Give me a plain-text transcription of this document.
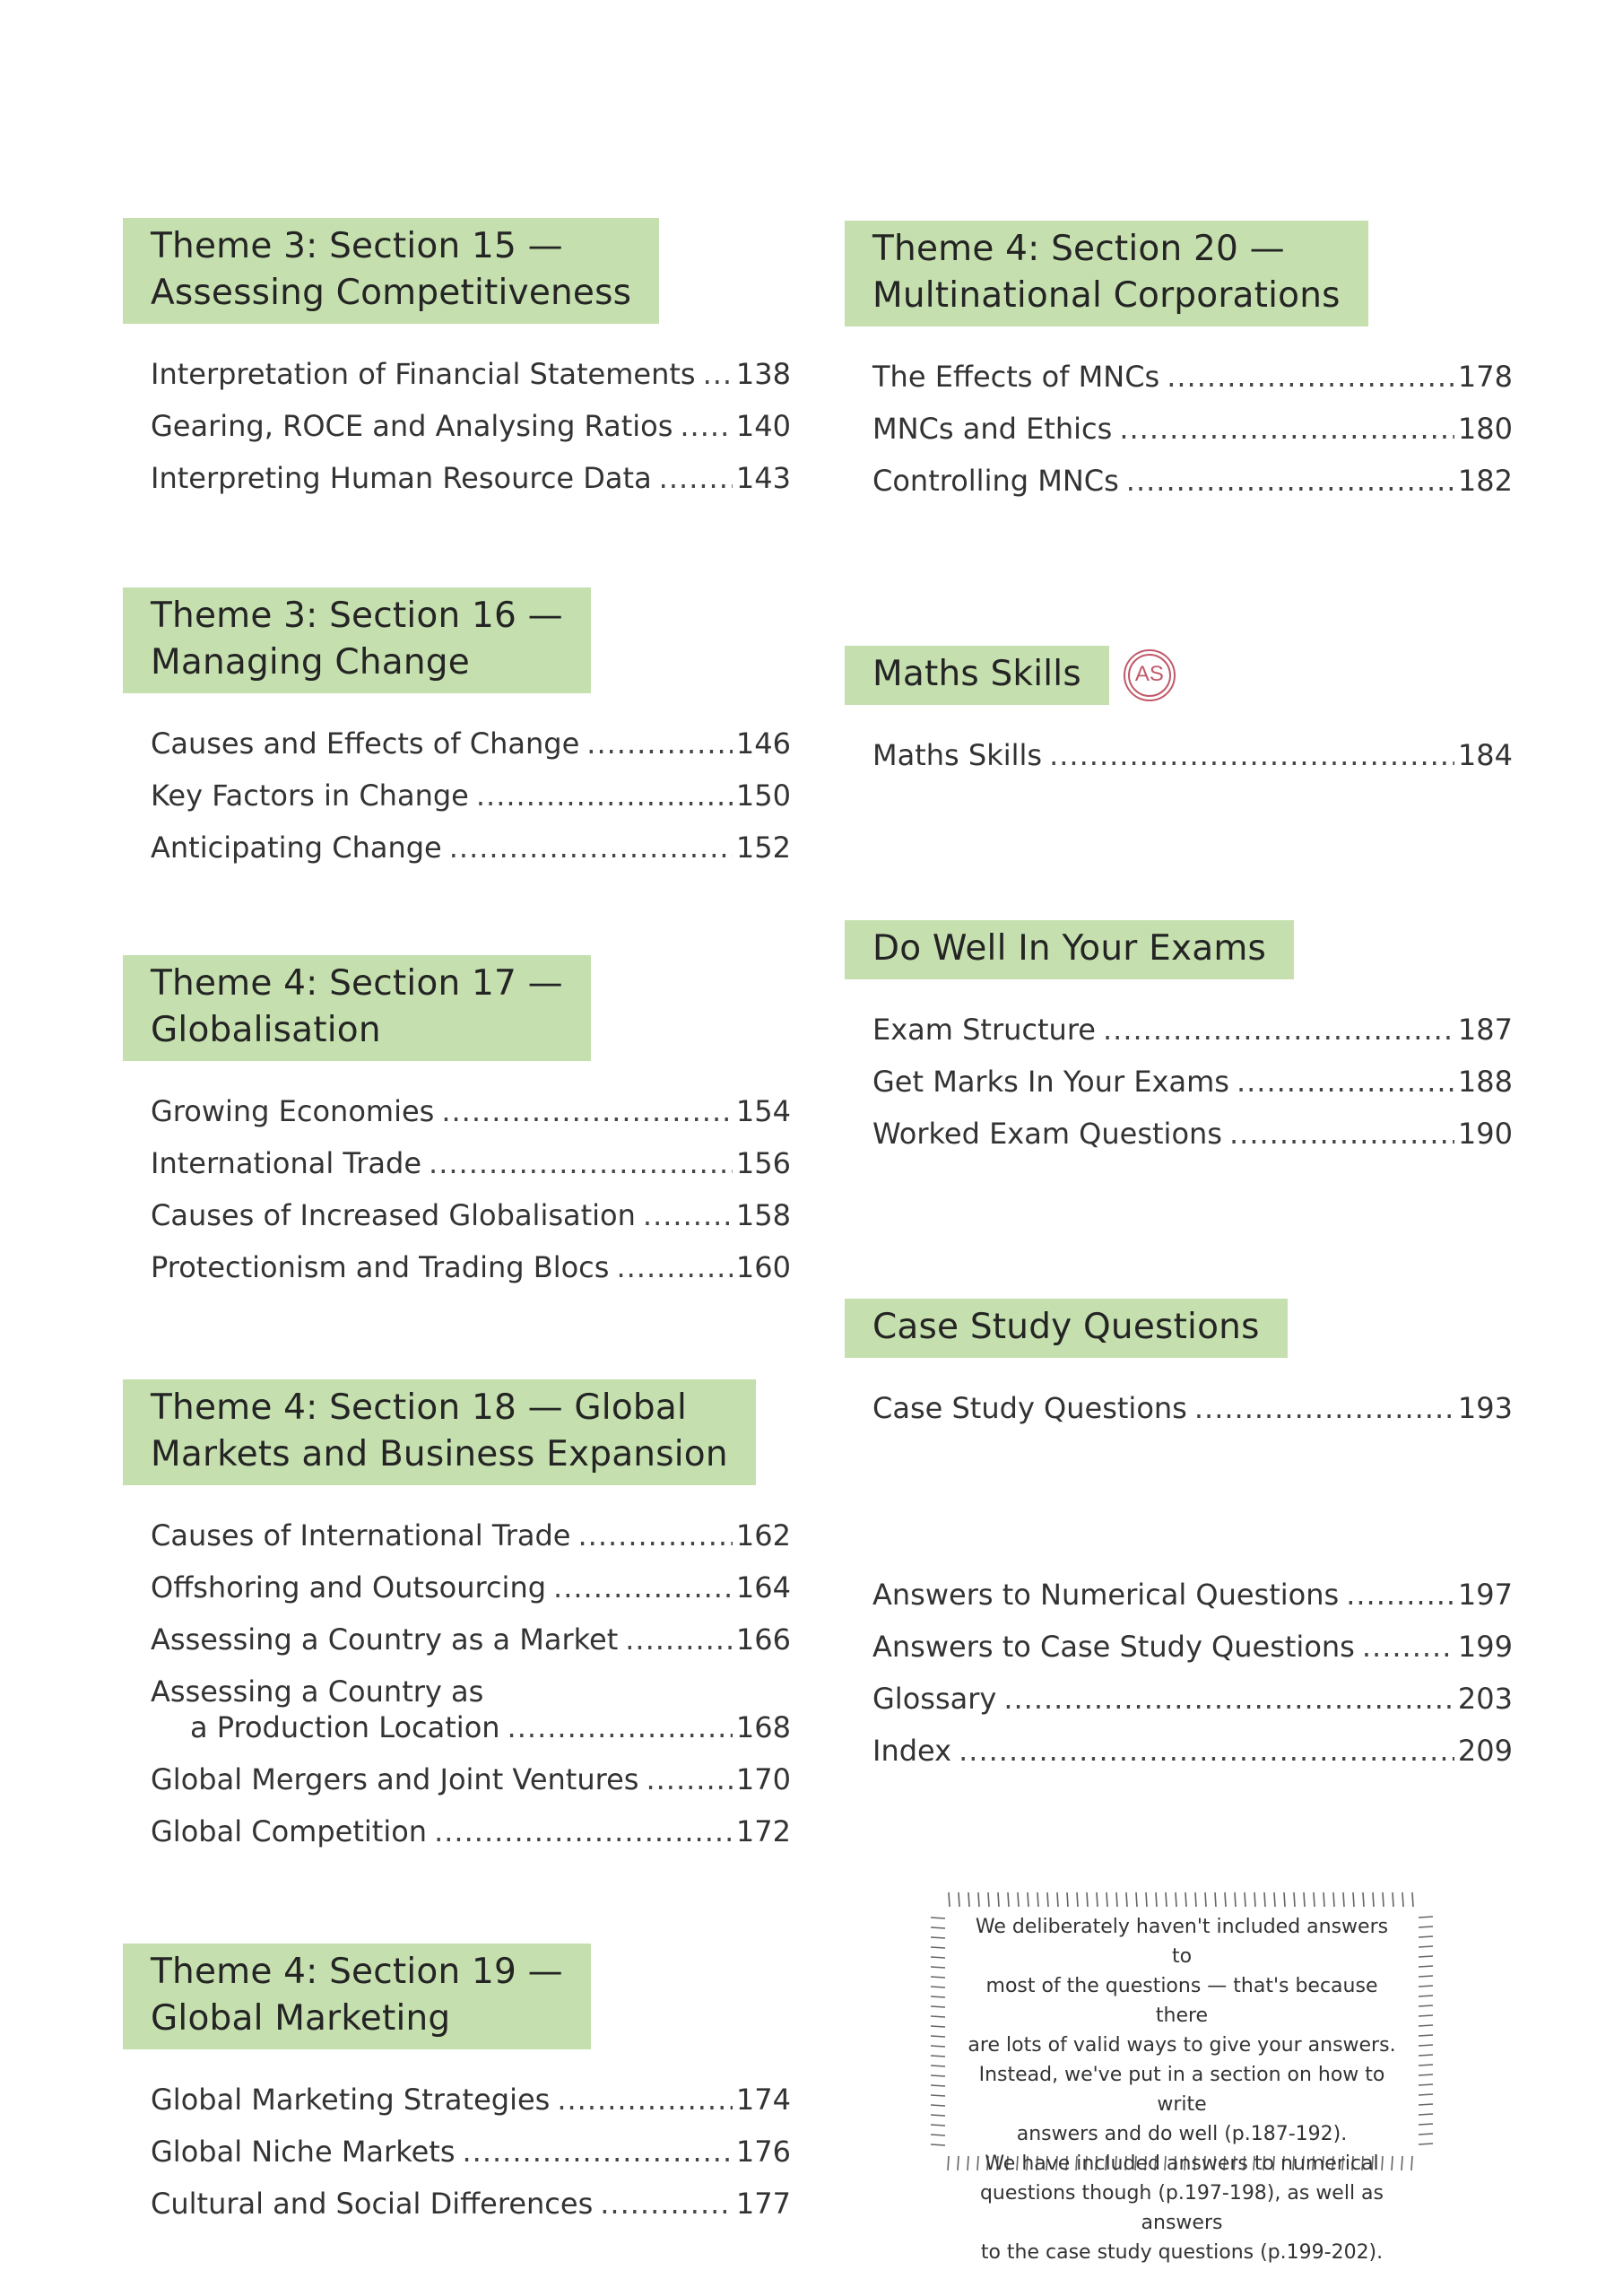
Theme 3: Section 15 —
Assessing Competitiveness
Interpretation of Financial Statements ..... 138
Gearing, ROCE and Analysing Ratios ..... 140
Interpreting Human Resource Data .....	143
Theme 3: Section 16 —
Managing Change
Causes and Effects of Change .....	146
Key Factors in Change .....	150
Anticipating Change .....	152
Theme 4: Section 17 —
Globalisation
Growing Economies .....	154
International Trade .....	156
Causes of Increased Globalisation .....	158
Protectionism and Trading Blocs .....	160
Theme 4: Section 18 — Global
Markets and Business Expansion
Causes of International Trade .....	162
Offshoring and Outsourcing .....	164
Assessing a Country as a Market .....	166
Assessing a Country as
a Production Location .....	168
Global Mergers and Joint Ventures .....	170
Global Competition .....	172
Theme 4: Section 19 —
Global Marketing
Global Marketing Strategies .....	174
Global Niche Markets .....	176
Cultural and Social Differences .....	177
Theme 4: Section 20 —
Multinational Corporations
The Effects of MNCs .....	178
MNCs and Ethics .....	180
Controlling MNCs .....	182
Maths Skills	AS
Maths Skills .....	184
Do Well In Your Exams
Exam Structure .....	187
Get Marks In Your Exams .....	188
Worked Exam Questions .....	190
Case Study Questions
Case Study Questions .....	193
Answers to Numerical Questions .....	197
Answers to Case Study Questions .....	199
Glossary .....	203
Index .....	209
We deliberately haven't included answers to
most of the questions — that's because there
are lots of valid ways to give your answers.
Instead, we've put in a section on how to write
answers and do well (p.187-192).
We have included answers to numerical
questions though (p.197-198), as well as answers
to the case study questions (p.199-202).
